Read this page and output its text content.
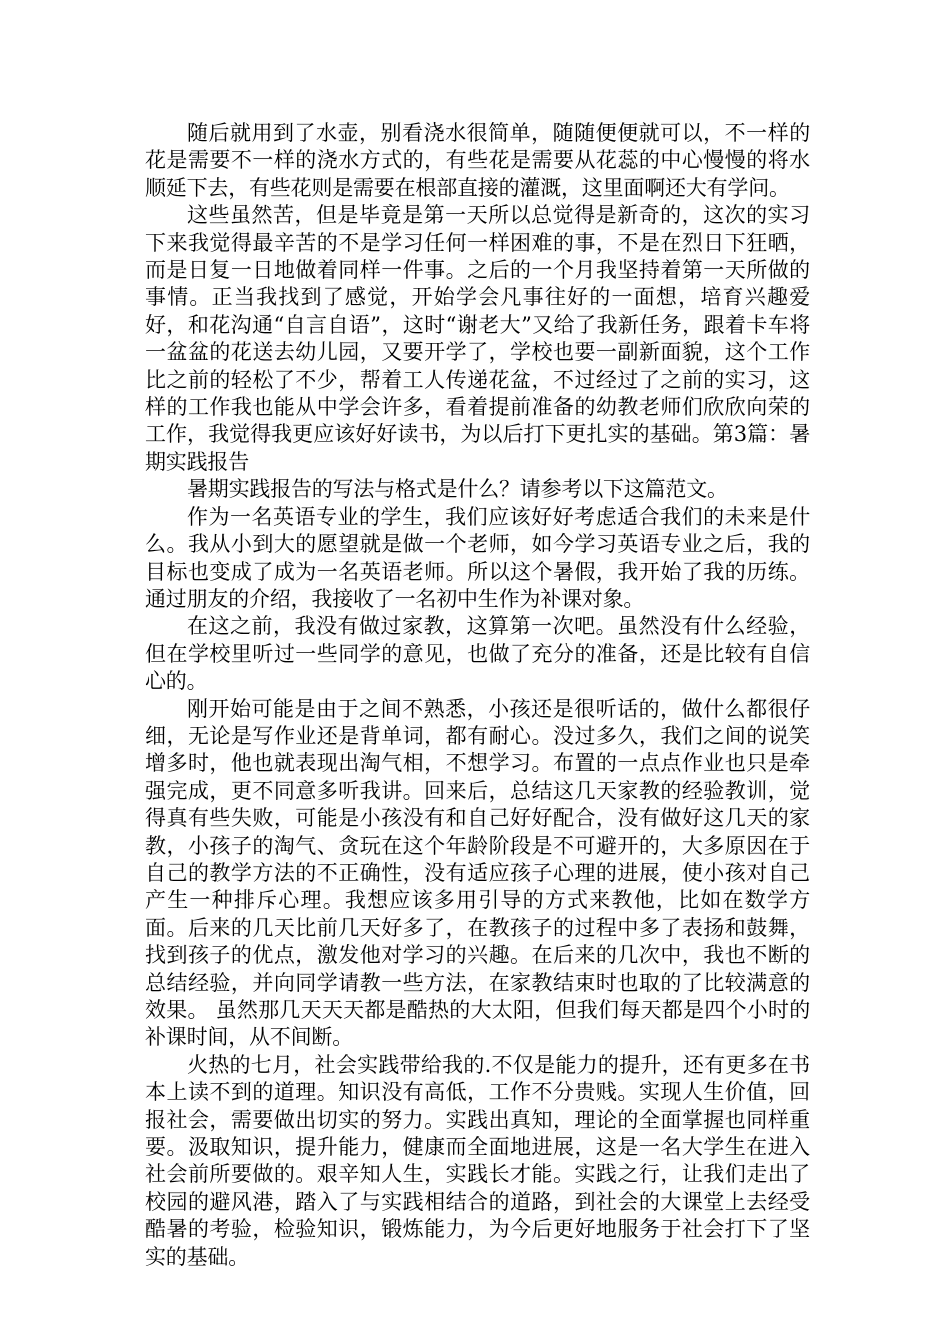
随后就用到了水壶，别看浇水很简单，随随便便就可以，不一样的花是需要不一样的浇水方式的，有些花是需要从花蕊的中心慢慢的将水顺延下去，有些花则是需要在根部直接的灌溉，这里面啊还大有学问。

这些虽然苦，但是毕竟是第一天所以总觉得是新奇的，这次的实习下来我觉得最辛苦的不是学习任何一样困难的事，不是在烈日下狂晒，而是日复一日地做着同样一件事。之后的一个月我坚持着第一天所做的事情。正当我找到了感觉，开始学会凡事往好的一面想，培育兴趣爱好，和花沟通“自言自语”，这时“谢老大”又给了我新任务，跟着卡车将一盆盆的花送去幼儿园，又要开学了，学校也要一副新面貌，这个工作比之前的轻松了不少，帮着工人传递花盆，不过经过了之前的实习，这样的工作我也能从中学会许多，看着提前准备的幼教老师们欣欣向荣的工作，我觉得我更应该好好读书，为以后打下更扎实的基础。第3篇：暑期实践报告

暑期实践报告的写法与格式是什么？请参考以下这篇范文。

作为一名英语专业的学生，我们应该好好考虑适合我们的未来是什么。我从小到大的愿望就是做一个老师，如今学习英语专业之后，我的目标也变成了成为一名英语老师。所以这个暑假，我开始了我的历练。通过朋友的介绍，我接收了一名初中生作为补课对象。

在这之前，我没有做过家教，这算第一次吧。虽然没有什么经验，但在学校里听过一些同学的意见，也做了充分的准备，还是比较有自信心的。

刚开始可能是由于之间不熟悉，小孩还是很听话的，做什么都很仔细，无论是写作业还是背单词，都有耐心。没过多久，我们之间的说笑增多时，他也就表现出淘气相，不想学习。布置的一点点作业也只是牵强完成，更不同意多听我讲。回来后，总结这几天家教的经验教训，觉得真有些失败，可能是小孩没有和自己好好配合，没有做好这几天的家教，小孩子的淘气、贪玩在这个年龄阶段是不可避开的，大多原因在于自己的教学方法的不正确性，没有适应孩子心理的进展，使小孩对自己产生一种排斥心理。我想应该多用引导的方式来教他，比如在数学方面。后来的几天比前几天好多了，在教孩子的过程中多了表扬和鼓舞，找到孩子的优点，激发他对学习的兴趣。在后来的几次中，我也不断的总结经验，并向同学请教一些方法，在家教结束时也取的了比较满意的效果。 虽然那几天天天都是酷热的大太阳，但我们每天都是四个小时的补课时间，从不间断。

火热的七月，社会实践带给我的.不仅是能力的提升，还有更多在书本上读不到的道理。知识没有高低，工作不分贵贱。实现人生价值，回报社会，需要做出切实的努力。实践出真知，理论的全面掌握也同样重要。汲取知识，提升能力，健康而全面地进展，这是一名大学生在进入社会前所要做的。艰辛知人生，实践长才能。实践之行，让我们走出了校园的避风港，踏入了与实践相结合的道路，到社会的大课堂上去经受酷暑的考验，检验知识，锻炼能力，为今后更好地服务于社会打下了坚实的基础。
